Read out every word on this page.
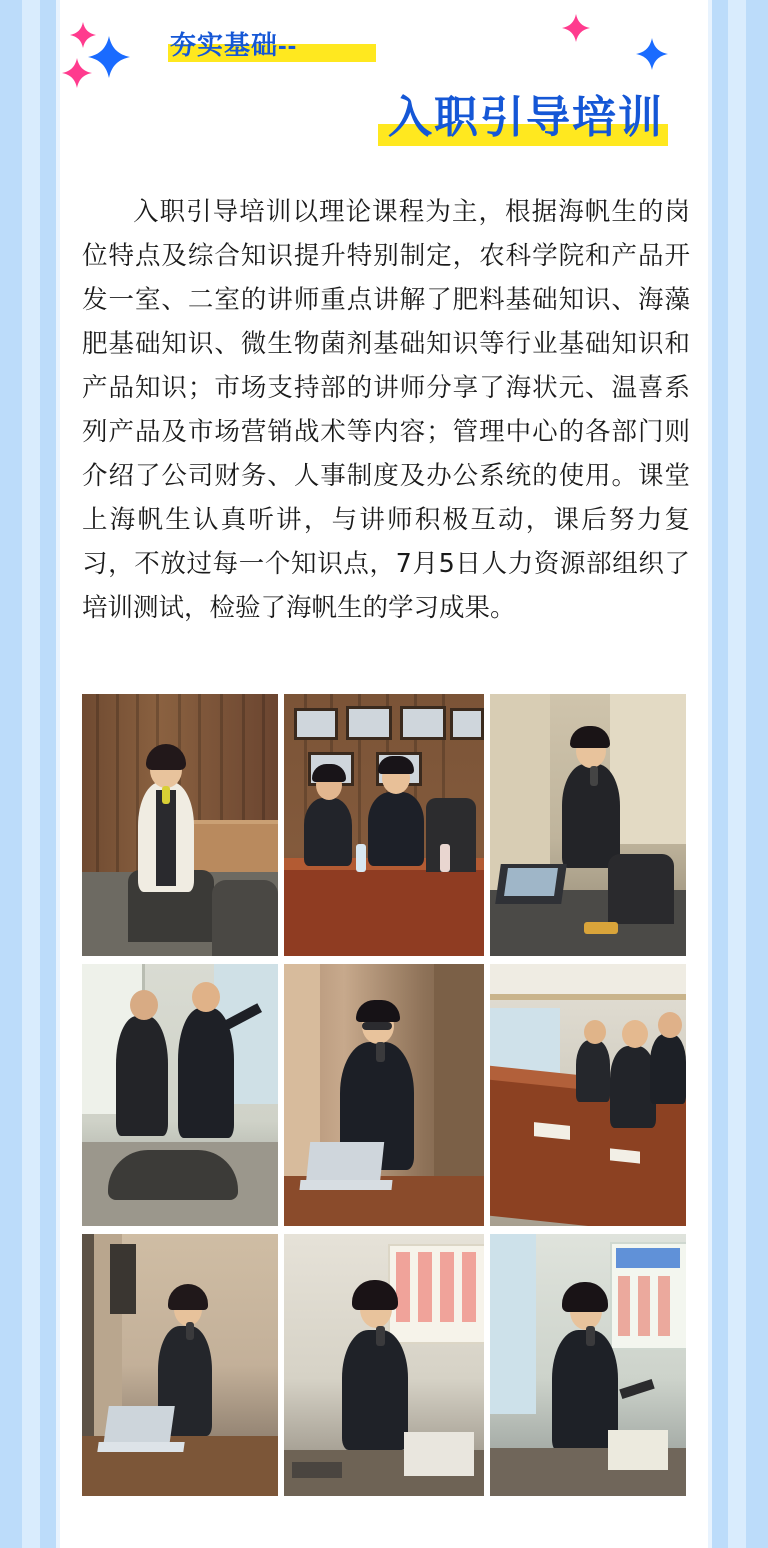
夯实基础--
入职引导培训
入职引导培训以理论课程为主，根据海帆生的岗位特点及综合知识提升特别制定，农科学院和产品开发一室、二室的讲师重点讲解了肥料基础知识、海藻肥基础知识、微生物菌剂基础知识等行业基础知识和产品知识；市场支持部的讲师分享了海状元、温喜系列产品及市场营销战术等内容；管理中心的各部门则介绍了公司财务、人事制度及办公系统的使用。课堂上海帆生认真听讲，与讲师积极互动，课后努力复习，不放过每一个知识点，7月5日人力资源部组织了培训测试，检验了海帆生的学习成果。
